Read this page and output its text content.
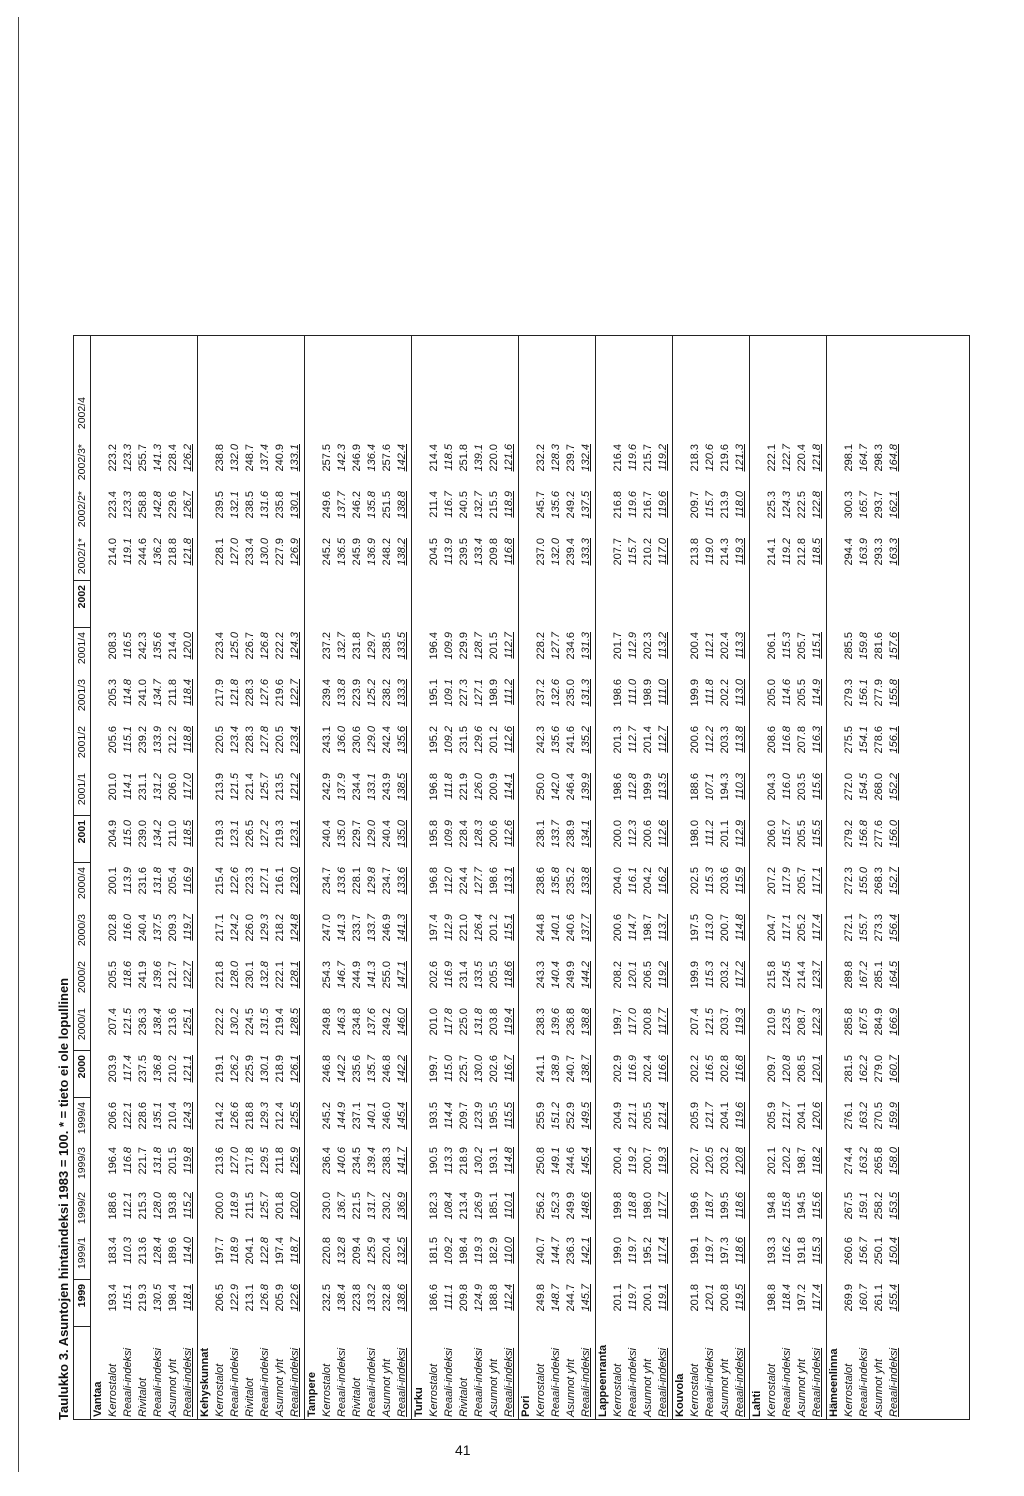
Taulukko 3. Asuntojen hintaindeksi 1983 = 100. * = tieto ei ole lopullinen 1999
1999/1
1999/2
1999/3
1999/4
2000
2000/1
2000/2
2000/3
2000/4
2001
2001/1
2001/2
2001/3
2001/4
2002
2002/1*
2002/2*
2002/3*
2002/4
Vantaa Kerrostalot
193.4
183.4
188.6
196.4
206.6
203.9
207.4
205.5
202.8
200.1
204.9
201.0
205.6
205.3
208.3
214.0
223.4
223.2
Reaali-indeksi
115.1
110.3
112.1
116.8
122.1
117.4
121.5
118.6
116.0
113.9
115.0
114.1
115.1
114.8
116.5
119.1
123.3
123.3
Rivitalot
219.3
213.6
215.3
221.7
228.6
237.5
236.3
241.9
240.4
231.6
239.0
231.1
239.2
241.0
242.3
244.6
258.8
255.7
Reaali-indeksi
130.5
128.4
128.0
131.8
135.1
136.8
138.4
139.6
137.5
131.8
134.2
131.2
133.9
134.7
135.6
136.2
142.8
141.3
Asunnot yht
198.4
189.6
193.8
201.5
210.4
210.2
213.6
212.7
209.3
205.4
211.0
206.0
212.2
211.8
214.4
218.8
229.6
228.4
Reaali-indeksi
118.1
114.0
115.2
119.8
124.3
121.1
125.1
122.7
119.7
116.9
118.5
117.0
118.8
118.4
120.0
121.8
126.7
126.2
Kehyskunnat Kerrostalot
206.5
197.7
200.0
213.6
214.2
219.1
222.2
221.8
217.1
215.4
219.3
213.9
220.5
217.9
223.4
228.1
239.5
238.8
Reaali-indeksi
122.9
118.9
118.9
127.0
126.6
126.2
130.2
128.0
124.2
122.6
123.1
121.5
123.4
121.8
125.0
127.0
132.1
132.0
Rivitalot
213.1
204.1
211.5
217.8
218.8
225.9
224.5
230.1
226.0
223.3
226.5
221.4
228.3
228.3
226.7
233.4
238.5
248.7
Reaali-indeksi
126.8
122.8
125.7
129.5
129.3
130.1
131.5
132.8
129.3
127.1
127.2
125.7
127.8
127.6
126.8
130.0
131.6
137.4
Asunnot yht
205.9
197.4
201.8
211.8
212.4
218.9
219.4
222.1
218.2
216.1
219.3
213.5
220.5
219.6
222.2
227.9
235.8
240.9
Reaali-indeksi
122.6
118.7
120.0
125.9
125.5
126.1
128.5
128.1
124.8
123.0
123.1
121.2
123.4
122.7
124.3
126.9
130.1
133.1
Tampere Kerrostalot
232.5
220.8
230.0
236.4
245.2
246.8
249.8
254.3
247.0
234.7
240.4
242.9
243.1
239.4
237.2
245.2
249.6
257.5
Reaali-indeksi
138.4
132.8
136.7
140.6
144.9
142.2
146.3
146.7
141.3
133.6
135.0
137.9
136.0
133.8
132.7
136.5
137.7
142.3
Rivitalot
223.8
209.4
221.5
234.5
237.1
235.6
234.8
244.9
233.7
228.1
229.7
234.4
230.6
223.9
231.8
245.9
246.2
246.9
Reaali-indeksi
133.2
125.9
131.7
139.4
140.1
135.7
137.6
141.3
133.7
129.8
129.0
133.1
129.0
125.2
129.7
136.9
135.8
136.4
Asunnot yht
232.8
220.4
230.2
238.3
246.0
246.8
249.2
255.0
246.9
234.7
240.4
243.9
242.4
238.2
238.5
248.2
251.5
257.6
Reaali-indeksi
138.6
132.5
136.9
141.7
145.4
142.2
146.0
147.1
141.3
133.6
135.0
138.5
135.6
133.3
133.5
138.2
138.8
142.4
Turku Kerrostalot
186.6
181.5
182.3
190.5
193.5
199.7
201.0
202.6
197.4
196.8
195.8
196.8
195.2
195.1
196.4
204.5
211.4
214.4
Reaali-indeksi
111.1
109.2
108.4
113.3
114.4
115.0
117.8
116.9
112.9
112.0
109.9
111.8
109.2
109.1
109.9
113.9
116.7
118.5
Rivitalot
209.8
198.4
213.4
218.9
209.7
225.7
225.0
231.4
221.0
224.4
228.4
221.9
231.5
227.3
229.9
239.5
240.5
251.8
Reaali-indeksi
124.9
119.3
126.9
130.2
123.9
130.0
131.8
133.5
126.4
127.7
128.3
126.0
129.6
127.1
128.7
133.4
132.7
139.1
Asunnot yht
188.8
182.9
185.1
193.1
195.5
202.6
203.8
205.5
201.2
198.6
200.6
200.9
201.2
198.9
201.5
209.8
215.5
220.0
Reaali-indeksi
112.4
110.0
110.1
114.8
115.5
116.7
119.4
118.6
115.1
113.1
112.6
114.1
112.6
111.2
112.7
116.8
118.9
121.6
Pori Kerrostalot
249.8
240.7
256.2
250.8
255.9
241.1
238.3
243.3
244.8
238.6
238.1
250.0
242.3
237.2
228.2
237.0
245.7
232.2
Reaali-indeksi
148.7
144.7
152.3
149.1
151.2
138.9
139.6
140.4
140.1
135.8
133.7
142.0
135.6
132.6
127.7
132.0
135.6
128.3
Asunnot yht
244.7
236.3
249.9
244.6
252.9
240.7
236.8
249.9
240.6
235.2
238.9
246.4
241.6
235.0
234.6
239.4
249.2
239.7
Reaali-indeksi
145.7
142.1
148.6
145.4
149.5
138.7
138.8
144.2
137.7
133.8
134.1
139.9
135.2
131.3
131.3
133.3
137.5
132.4
Lappeenranta Kerrostalot
201.1
199.0
199.8
200.4
204.9
202.9
199.7
208.2
200.6
204.0
200.0
198.6
201.3
198.6
201.7
207.7
216.8
216.4
Reaali-indeksi
119.7
119.7
118.8
119.2
121.1
116.9
117.0
120.1
114.7
116.1
112.3
112.8
112.7
111.0
112.9
115.7
119.6
119.6
Asunnot yht
200.1
195.2
198.0
200.7
205.5
202.4
200.8
206.5
198.7
204.2
200.6
199.9
201.4
198.9
202.3
210.2
216.7
215.7
Reaali-indeksi
119.1
117.4
117.7
119.3
121.4
116.6
117.7
119.2
113.7
116.2
112.6
113.5
112.7
111.0
113.2
117.0
119.6
119.2
Kouvola Kerrostalot
201.8
199.1
199.6
202.7
205.9
202.2
207.4
199.9
197.5
202.5
198.0
188.6
200.6
199.9
200.4
213.8
209.7
218.3
Reaali-indeksi
120.1
119.7
118.7
120.5
121.7
116.5
121.5
115.3
113.0
115.3
111.2
107.1
112.2
111.8
112.1
119.0
115.7
120.6
Asunnot yht
200.8
197.3
199.5
203.2
204.1
202.8
203.7
203.2
200.7
203.6
201.1
194.3
203.3
202.2
202.4
214.3
213.9
219.6
Reaali-indeksi
119.5
118.6
118.6
120.8
119.6
116.8
119.3
117.2
114.8
115.9
112.9
110.3
113.8
113.0
113.3
119.3
118.0
121.3
Lahti Kerrostalot
198.8
193.3
194.8
202.1
205.9
209.7
210.9
215.8
204.7
207.2
206.0
204.3
208.6
205.0
206.1
214.1
225.3
222.1
Reaali-indeksi
118.4
116.2
115.8
120.2
121.7
120.8
123.5
124.5
117.1
117.9
115.7
116.0
116.8
114.6
115.3
119.2
124.3
122.7
Asunnot yht
197.2
191.8
194.5
198.7
204.1
208.5
208.7
214.4
205.2
205.7
205.5
203.5
207.8
205.5
205.7
212.8
222.5
220.4
Reaali-indeksi
117.4
115.3
115.6
118.2
120.6
120.1
122.3
123.7
117.4
117.1
115.5
115.6
116.3
114.9
115.1
118.5
122.8
121.8
Hämeenlinna Kerrostalot
269.9
260.6
267.5
274.4
276.1
281.5
285.8
289.8
272.1
272.3
279.2
272.0
275.5
279.3
285.5
294.4
300.3
298.1
Reaali-indeksi
160.7
156.7
159.1
163.2
163.2
162.2
167.5
167.2
155.7
155.0
156.8
154.5
154.1
156.1
159.8
163.9
165.7
164.7
Asunnot yht
261.1
250.1
258.2
265.8
270.5
279.0
284.9
285.1
273.3
268.3
277.6
268.0
278.6
277.9
281.6
293.3
293.7
298.3
Reaali-indeksi
155.4
150.4
153.5
158.0
159.9
160.7
166.9
164.5
156.4
152.7
156.0
152.2
156.1
155.8
157.6
163.3
162.1
164.8
41
